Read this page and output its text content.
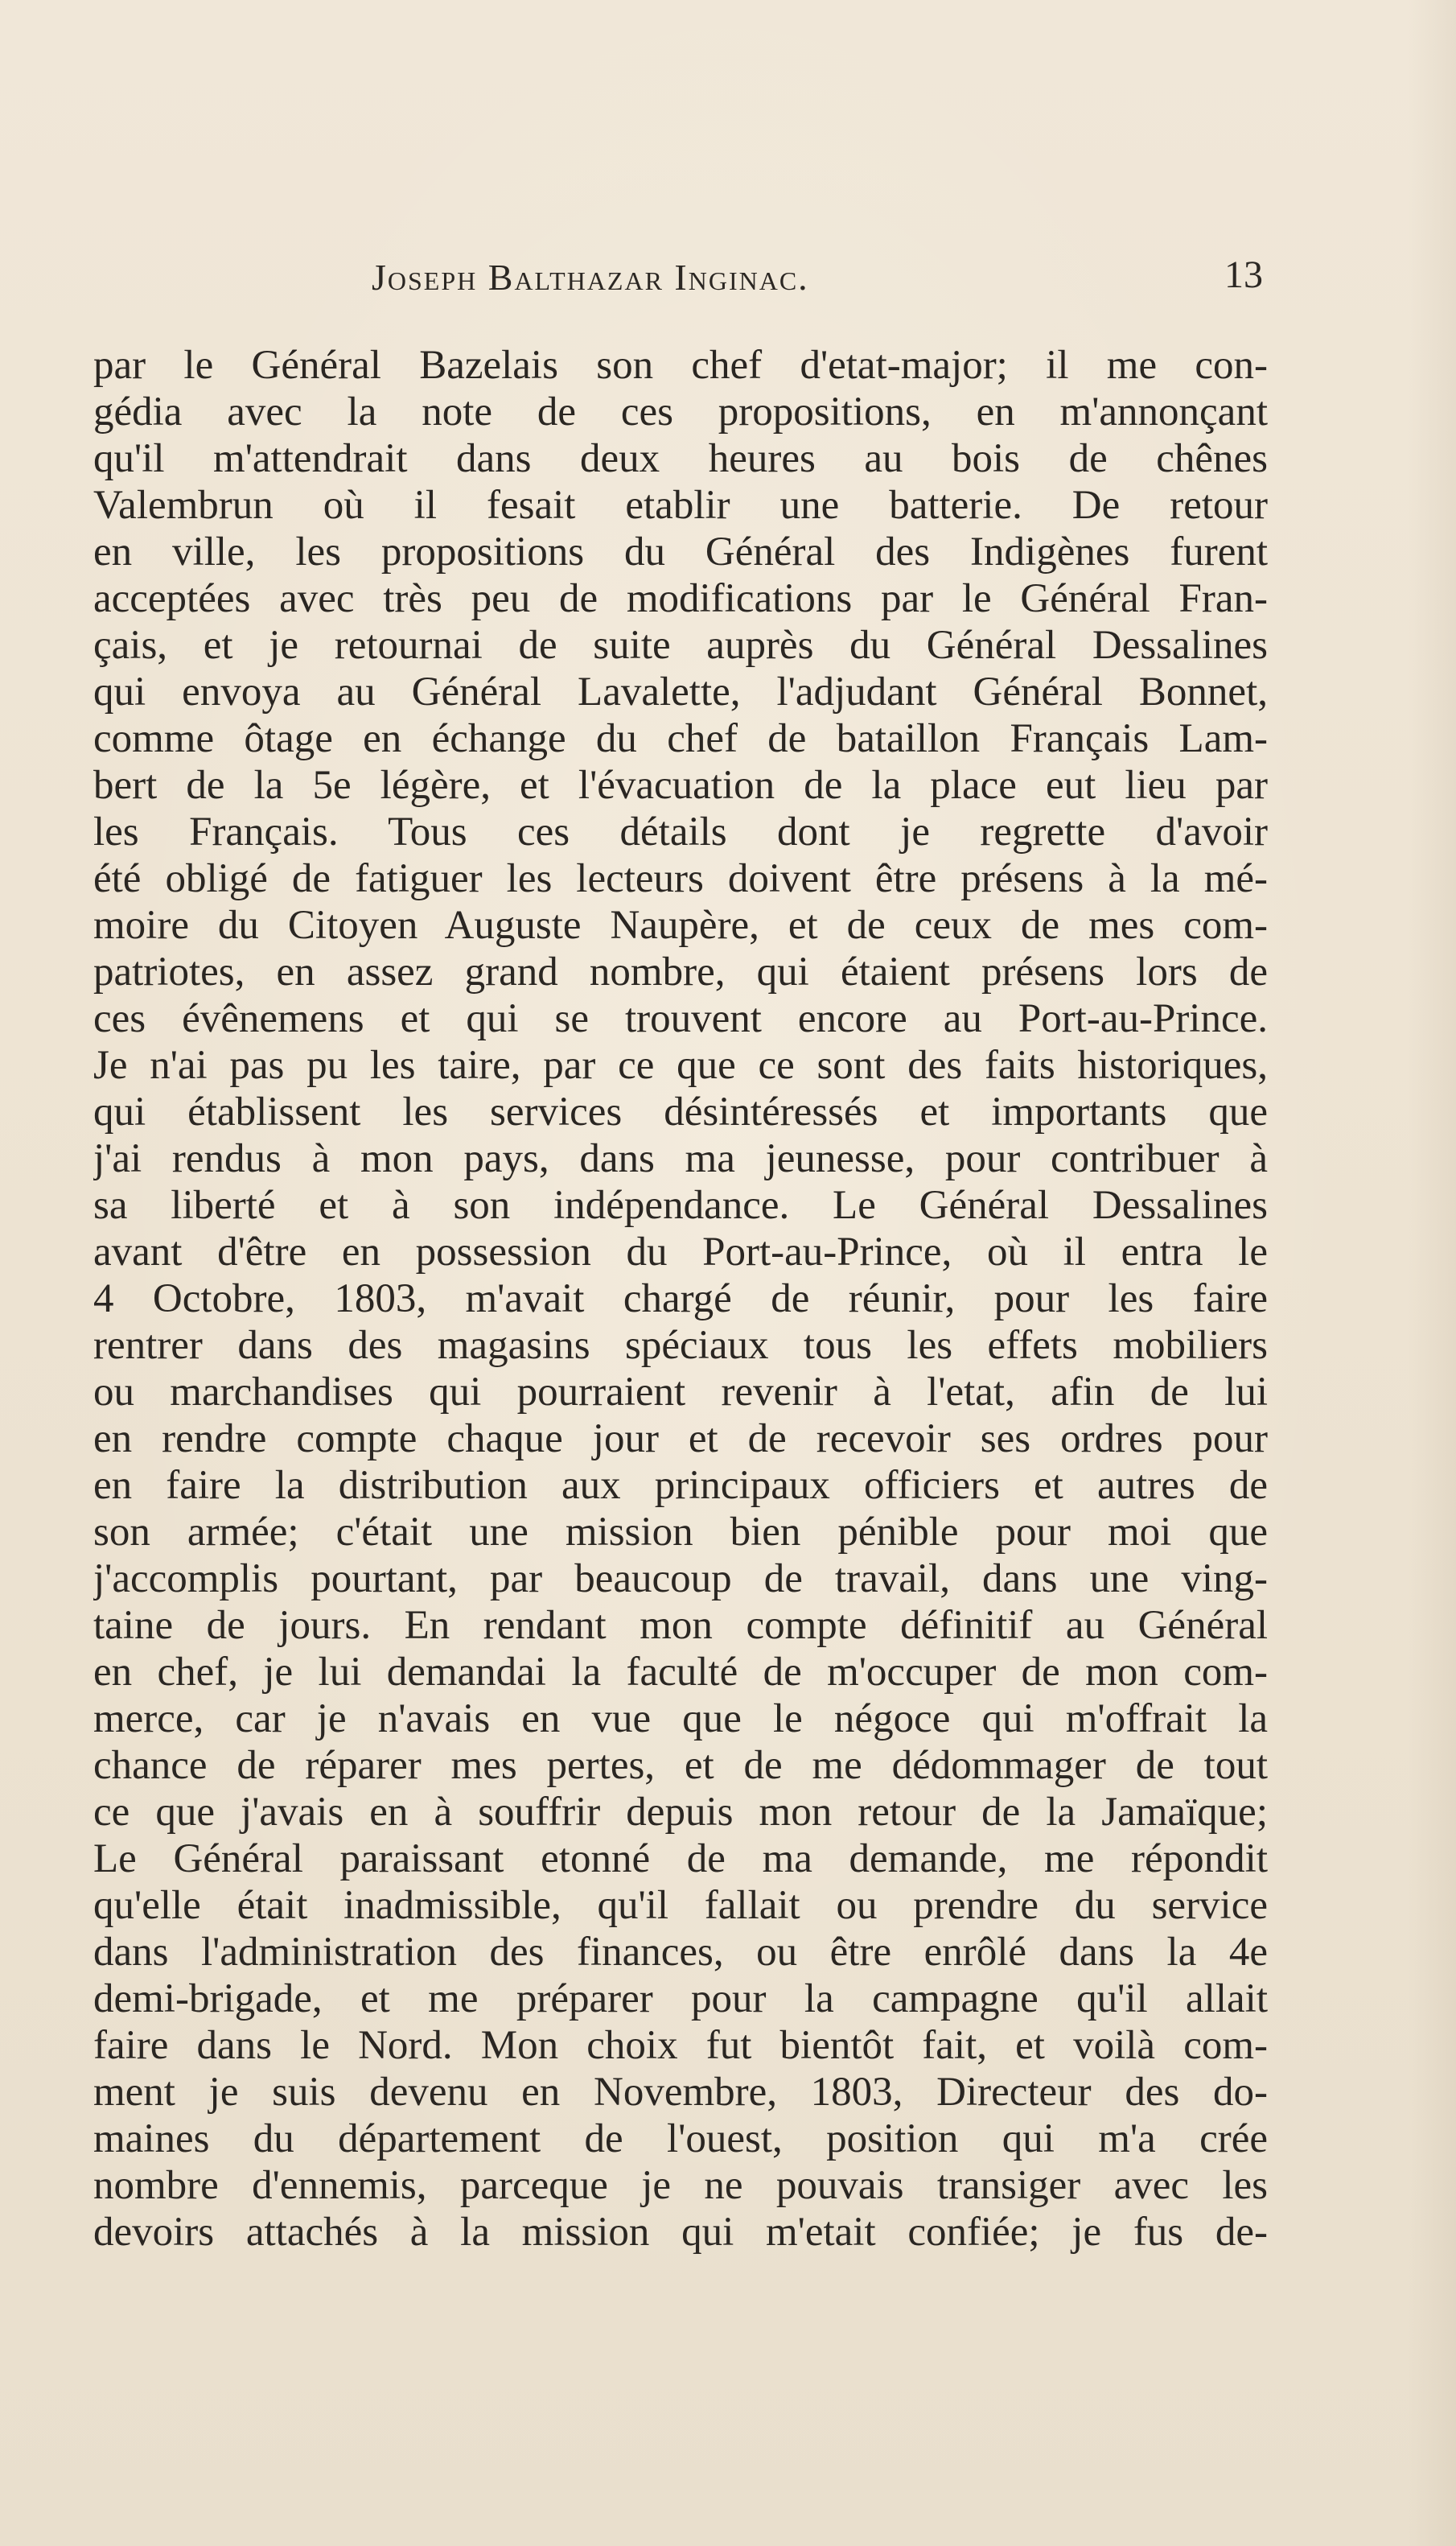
Joseph Balthazar Inginac.	13
par le Général Bazelais son chef d'etat-major; il me con-
gédia avec la note de ces propositions, en m'annonçant
qu'il m'attendrait dans deux heures au bois de chênes
Valembrun où il fesait etablir une batterie. De retour
en ville, les propositions du Général des Indigènes furent
acceptées avec très peu de modifications par le Général Fran-
çais, et je retournai de suite auprès du Général Dessalines
qui envoya au Général Lavalette, l'adjudant Général Bonnet,
comme ôtage en échange du chef de bataillon Français Lam-
bert de la 5e légère, et l'évacuation de la place eut lieu par
les Français. Tous ces détails dont je regrette d'avoir
été obligé de fatiguer les lecteurs doivent être présens à la mé-
moire du Citoyen Auguste Naupère, et de ceux de mes com-
patriotes, en assez grand nombre, qui étaient présens lors de
ces évênemens et qui se trouvent encore au Port-au-Prince.
Je n'ai pas pu les taire, par ce que ce sont des faits historiques,
qui établissent les services désintéressés et importants que
j'ai rendus à mon pays, dans ma jeunesse, pour contribuer à
sa liberté et à son indépendance. Le Général Dessalines
avant d'être en possession du Port-au-Prince, où il entra le
4 Octobre, 1803, m'avait chargé de réunir, pour les faire
rentrer dans des magasins spéciaux tous les effets mobiliers
ou marchandises qui pourraient revenir à l'etat, afin de lui
en rendre compte chaque jour et de recevoir ses ordres pour
en faire la distribution aux principaux officiers et autres de
son armée; c'était une mission bien pénible pour moi que
j'accomplis pourtant, par beaucoup de travail, dans une ving-
taine de jours. En rendant mon compte définitif au Général
en chef, je lui demandai la faculté de m'occuper de mon com-
merce, car je n'avais en vue que le négoce qui m'offrait la
chance de réparer mes pertes, et de me dédommager de tout
ce que j'avais en à souffrir depuis mon retour de la Jamaïque;
Le Général paraissant etonné de ma demande, me répondit
qu'elle était inadmissible, qu'il fallait ou prendre du service
dans l'administration des finances, ou être enrôlé dans la 4e
demi-brigade, et me préparer pour la campagne qu'il allait
faire dans le Nord. Mon choix fut bientôt fait, et voilà com-
ment je suis devenu en Novembre, 1803, Directeur des do-
maines du département de l'ouest, position qui m'a crée
nombre d'ennemis, parceque je ne pouvais transiger avec les
devoirs attachés à la mission qui m'etait confiée; je fus de-
